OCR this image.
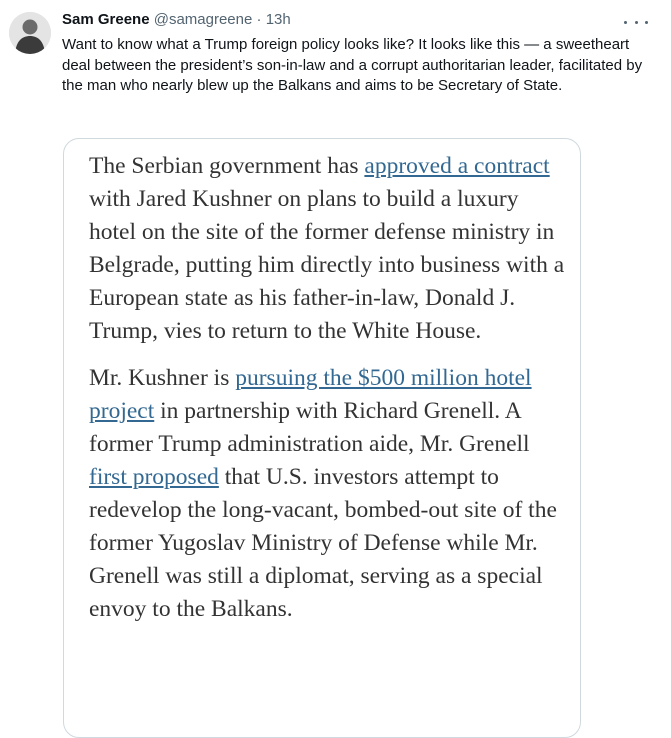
Sam Greene @samagreene · 13h
Want to know what a Trump foreign policy looks like? It looks like this — a sweetheart deal between the president’s son-in-law and a corrupt authoritarian leader, facilitated by the man who nearly blew up the Balkans and aims to be Secretary of State.

The Serbian government has approved a contract with Jared Kushner on plans to build a luxury hotel on the site of the former defense ministry in Belgrade, putting him directly into business with a European state as his father-in-law, Donald J. Trump, vies to return to the White House.

Mr. Kushner is pursuing the $500 million hotel project in partnership with Richard Grenell. A former Trump administration aide, Mr. Grenell first proposed that U.S. investors attempt to redevelop the long-vacant, bombed-out site of the former Yugoslav Ministry of Defense while Mr. Grenell was still a diplomat, serving as a special envoy to the Balkans.
